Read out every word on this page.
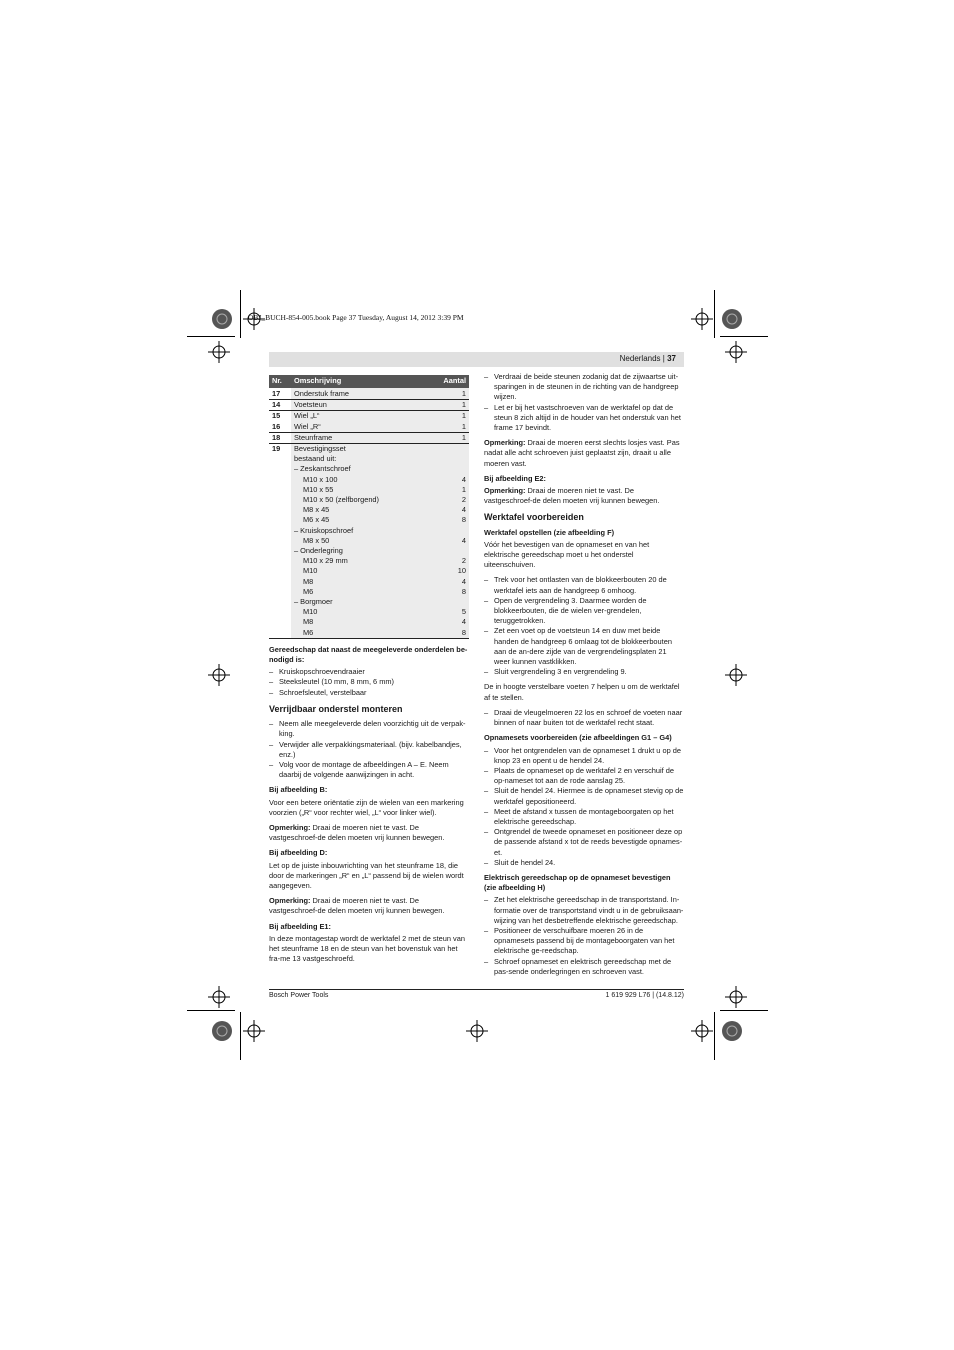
OBJ_BUCH-854-005.book Page 37 Tuesday, August 14, 2012 3:39 PM
Nederlands | 37
Nr.	Omschrijving	Aantal
17	Onderstuk frame	1
14	Voetsteun	1
15	Wiel „L“	1
16	Wiel „R“	1
18	Steunframe	1
19	Bevestigingsset	
	bestaand uit:	
	– Zeskantschroef	
	M10 x 100	4
	M10 x 55	1
	M10 x 50 (zelfborgend)	2
	M8 x 45	4
	M6 x 45	8
	– Kruiskopschroef	
	M8 x 50	4
	– Onderlegring	
	M10 x 29 mm	2
	M10	10
	M8	4
	M6	8
	– Borgmoer	
	M10	5
	M8	4
	M6	8
Gereedschap dat naast de meegeleverde onderdelen be-nodigd is:
– Kruiskopschroevendraaier
– Steeksleutel (10 mm, 8 mm, 6 mm)
– Schroefsleutel, verstelbaar
Verrijdbaar onderstel monteren
– Neem alle meegeleverde delen voorzichtig uit de verpak-king.
– Verwijder alle verpakkingsmateriaal. (bijv. kabelbandjes, enz.)
– Volg voor de montage de afbeeldingen A – E. Neem daarbij de volgende aanwijzingen in acht.
Bij afbeelding B:

Voor een betere oriëntatie zijn de wielen van een markering voorzien („R“ voor rechter wiel, „L“ voor linker wiel).

Opmerking: Draai de moeren niet te vast. De vastgeschroef-de delen moeten vrij kunnen bewegen.

Bij afbeelding D:

Let op de juiste inbouwrichting van het steunframe 18, die door de markeringen „R“ en „L“ passend bij de wielen wordt aangegeven.

Opmerking: Draai de moeren niet te vast. De vastgeschroef-de delen moeten vrij kunnen bewegen.

Bij afbeelding E1:

In deze montagestap wordt de werktafel 2 met de steun van het steunframe 18 en de steun van het bovenstuk van het fra-me 13 vastgeschroefd.

– Verdraai de beide steunen zodanig dat de zijwaartse uit-sparingen in de steunen in de richting van de handgreep wijzen.
– Let er bij het vastschroeven van de werktafel op dat de steun 8 zich altijd in de houder van het onderstuk van het frame 17 bevindt.

Opmerking: Draai de moeren eerst slechts losjes vast. Pas nadat alle acht schroeven juist geplaatst zijn, draait u alle moeren vast.

Bij afbeelding E2:

Opmerking: Draai de moeren niet te vast. De vastgeschroef-de delen moeten vrij kunnen bewegen.

Werktafel voorbereiden
Werktafel opstellen (zie afbeelding F)

Vóór het bevestigen van de opnameset en van het elektrische gereedschap moet u het onderstel uiteenschuiven.

– Trek voor het ontlasten van de blokkeerbouten 20 de werktafel iets aan de handgreep 6 omhoog.
– Open de vergrendeling 3. Daarmee worden de blokkeerbouten, die de wielen ver-grendelen, teruggetrokken.
– Zet een voet op de voetsteun 14 en duw met beide handen de handgreep 6 omlaag tot de blokkeerbouten aan de an-dere zijde van de vergrendelingsplaten 21 weer kunnen vastklikken.
– Sluit vergrendeling 3 en vergrendeling 9.

De in hoogte verstelbare voeten 7 helpen u om de werktafel af te stellen.

– Draai de vleugelmoeren 22 los en schroef de voeten naar binnen of naar buiten tot de werktafel recht staat.
Opnamesets voorbereiden (zie afbeeldingen G1 – G4)
– Voor het ontgrendelen van de opnameset 1 drukt u op de knop 23 en opent u de hendel 24.
– Plaats de opnameset op de werktafel 2 en verschuif de op-nameset tot aan de rode aanslag 25.
– Sluit de hendel 24. Hiermee is de opnameset stevig op de werktafel gepositioneerd.
– Meet de afstand x tussen de montageboorgaten op het elektrische gereedschap.
– Ontgrendel de tweede opnameset en positioneer deze op de passende afstand x tot de reeds bevestigde opnames-et.
– Sluit de hendel 24.
Elektrisch gereedschap op de opnameset bevestigen (zie afbeelding H)
– Zet het elektrische gereedschap in de transportstand. In-formatie over de transportstand vindt u in de gebruiksaan-wijzing van het desbetreffende elektrische gereedschap.
– Positioneer de verschuifbare moeren 26 in de opnamesets passend bij de montageboorgaten van het elektrische ge-reedschap.
– Schroef opnameset en elektrisch gereedschap met de pas-sende onderlegringen en schroeven vast.
Bosch Power Tools	1 619 929 L76 | (14.8.12)
